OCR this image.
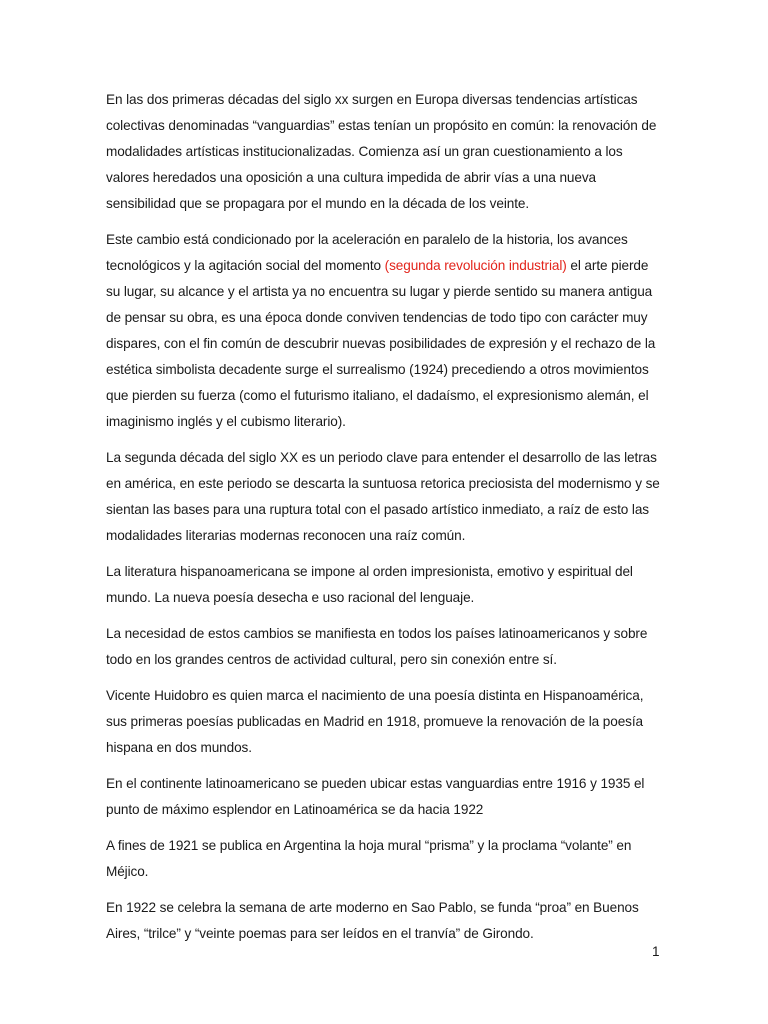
En las dos primeras décadas del siglo xx surgen en Europa diversas tendencias artísticas colectivas denominadas “vanguardias” estas tenían un propósito en común: la renovación de modalidades artísticas institucionalizadas. Comienza así un gran cuestionamiento a los valores heredados una oposición a una cultura impedida de abrir vías a una nueva sensibilidad que se propagara por el mundo en la década de los veinte.

Este cambio está condicionado por la aceleración en paralelo de la historia, los avances tecnológicos y la agitación social del momento (segunda revolución industrial) el arte pierde su lugar, su alcance y el artista ya no encuentra su lugar y pierde sentido su manera antigua de pensar su obra, es una época donde conviven tendencias de todo tipo con carácter muy dispares, con el fin común de descubrir nuevas posibilidades de expresión y el rechazo de la estética simbolista decadente surge el surrealismo (1924) precediendo a otros movimientos que pierden su fuerza (como el futurismo italiano, el dadaísmo, el expresionismo alemán, el imaginismo inglés y el cubismo literario).

La segunda década del siglo XX es un periodo clave para entender el desarrollo de las letras en américa, en este periodo se descarta la suntuosa retorica preciosista del modernismo y se sientan las bases para una ruptura total con el pasado artístico inmediato, a raíz de esto las modalidades literarias modernas reconocen una raíz común.

La literatura hispanoamericana se impone al orden impresionista, emotivo y espiritual del mundo. La nueva poesía desecha e uso racional del lenguaje.

La necesidad de estos cambios se manifiesta en todos los países latinoamericanos y sobre todo en los grandes centros de actividad cultural, pero sin conexión entre sí.

Vicente Huidobro es quien marca el nacimiento de una poesía distinta en Hispanoamérica, sus primeras poesías publicadas en Madrid en 1918, promueve la renovación de la poesía hispana en dos mundos.

En el continente latinoamericano se pueden ubicar estas vanguardias entre 1916 y 1935 el punto de máximo esplendor en Latinoamérica se da hacia 1922

A fines de 1921 se publica en Argentina la hoja mural “prisma” y la proclama “volante” en Méjico.

En 1922 se celebra la semana de arte moderno en Sao Pablo, se funda “proa” en Buenos Aires, “trilce” y “veinte poemas para ser leídos en el tranvía” de Girondo.

1
